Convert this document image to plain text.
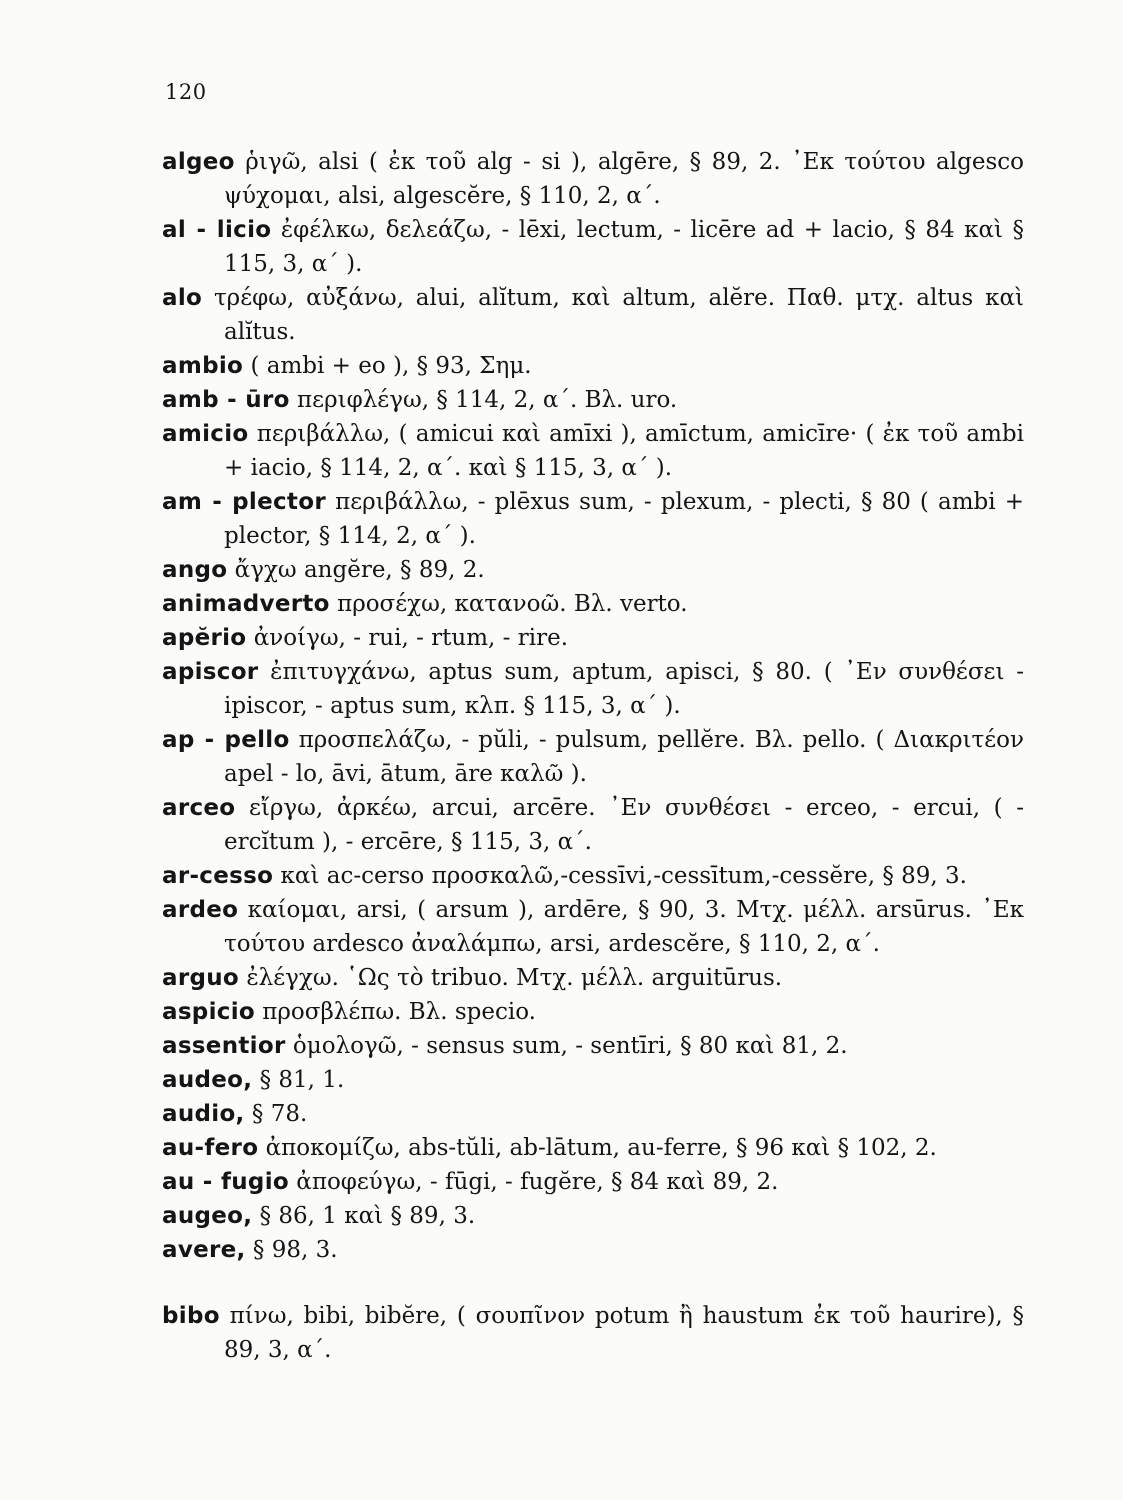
120

algeo ῥιγῶ, alsi ( ἐκ τοῦ alg - si ), algēre, § 89, 2. ᾿Εκ τούτου algesco ψύχομαι, alsi, algescĕre, § 110, 2, α΄.

al - licio ἐφέλκω, δελεάζω, - lēxi, lectum, - licēre ad + lacio, § 84 καὶ § 115, 3, α΄ ).

alo τρέφω, αὐξάνω, alui, alĭtum, καὶ altum, alĕre. Παθ. μτχ. altus καὶ alĭtus.

ambio ( ambi + eo ), § 93, Σημ.

amb - ūro περιφλέγω, § 114, 2, α΄. Βλ. uro.

amicio περιβάλλω, ( amicui καὶ amīxi ), amīctum, amicīre· ( ἐκ τοῦ ambi + iacio, § 114, 2, α΄. καὶ § 115, 3, α΄ ).

am - plector περιβάλλω, - plēxus sum, - plexum, - plecti, § 80 ( ambi + plector, § 114, 2, α΄ ).

ango ἄγχω angĕre, § 89, 2.

animadverto προσέχω, κατανοῶ. Βλ. verto.

apĕrio ἀνοίγω, - rui, - rtum, - rire.

apiscor ἐπιτυγχάνω, aptus sum, aptum, apisci, § 80. ( ᾿Εν συνθέσει - ipiscor, - aptus sum, κλπ. § 115, 3, α΄ ).

ap - pello προσπελάζω, - pŭli, - pulsum, pellĕre. Βλ. pello. ( Διακριτέον apel - lo, āvi, ātum, āre καλῶ ).

arceo εἴργω, ἀρκέω, arcui, arcēre. ᾿Εν συνθέσει - erceo, - ercui, ( - ercĭtum ), - ercēre, § 115, 3, α΄.

ar-cesso καὶ ac-cerso προσκαλῶ,-cessīvi,-cessītum,-cessĕre, § 89, 3.

ardeo καίομαι, arsi, ( arsum ), ardēre, § 90, 3. Μτχ. μέλλ. arsūrus. ᾿Εκ τούτου ardesco ἀναλάμπω, arsi, ardescĕre, § 110, 2, α΄.

arguo ἐλέγχω. ῾Ως τὸ tribuo. Μτχ. μέλλ. arguitūrus.

aspicio προσβλέπω. Βλ. specio.

assentior ὁμολογῶ, - sensus sum, - sentīri, § 80 καὶ 81, 2.

audeo, § 81, 1.

audio, § 78.

au-fero ἀποκομίζω, abs-tŭli, ab-lātum, au-ferre, § 96 καὶ § 102, 2.

au - fugio ἀποφεύγω, - fūgi, - fugĕre, § 84 καὶ 89, 2.

augeo, § 86, 1 καὶ § 89, 3.

avere, § 98, 3.

bibo πίνω, bibi, bibĕre, ( σουπῖνον potum ἢ haustum ἐκ τοῦ haurire), § 89, 3, α΄.
